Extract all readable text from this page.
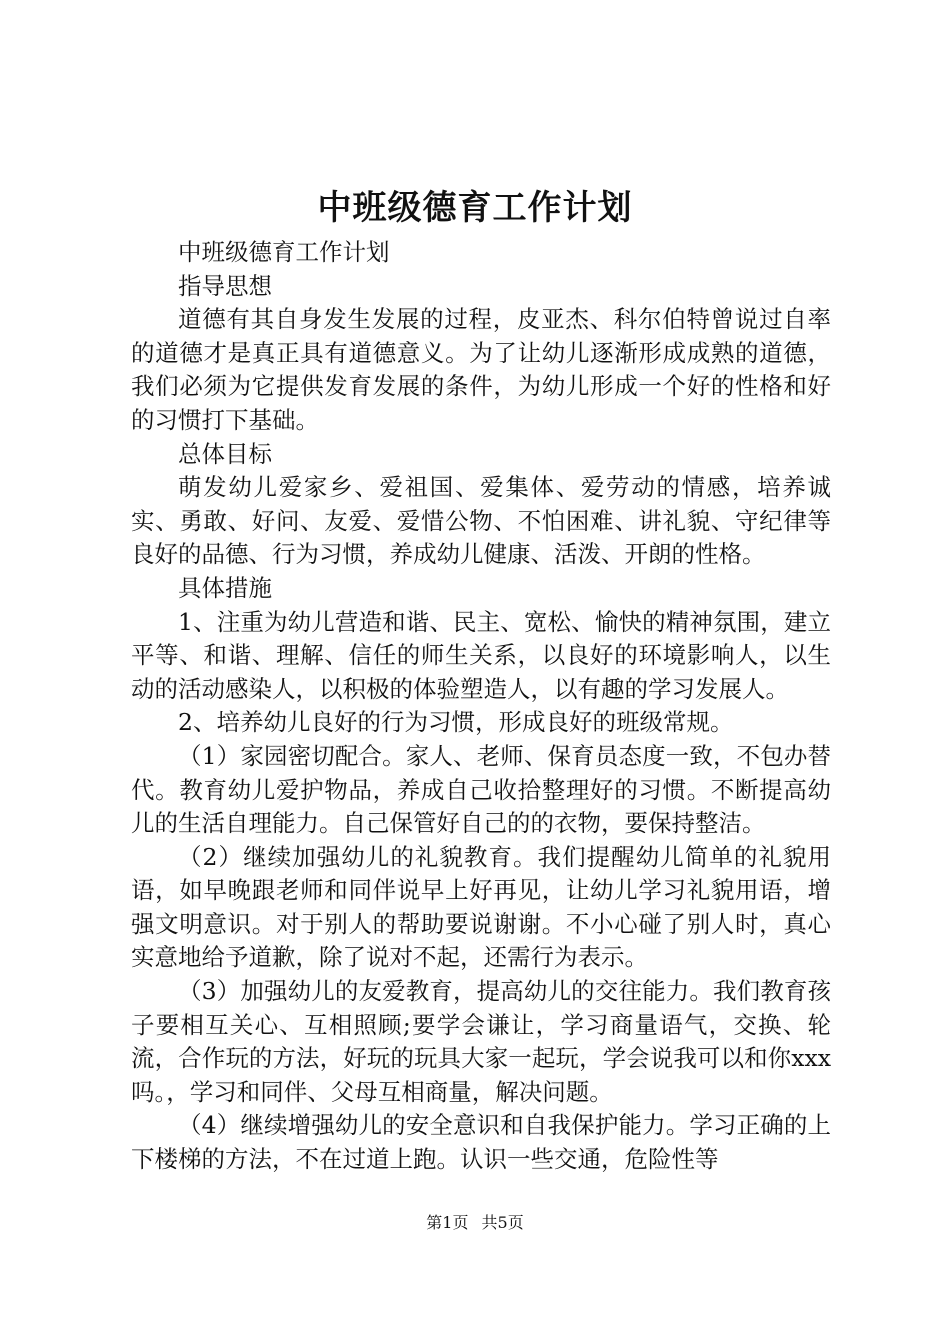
中班级德育工作计划

中班级德育工作计划

指导思想

道德有其自身发生发展的过程，皮亚杰、科尔伯特曾说过自率的道德才是真正具有道德意义。为了让幼儿逐渐形成成熟的道德，我们必须为它提供发育发展的条件，为幼儿形成一个好的性格和好的习惯打下基础。

总体目标

萌发幼儿爱家乡、爱祖国、爱集体、爱劳动的情感，培养诚实、勇敢、好问、友爱、爱惜公物、不怕困难、讲礼貌、守纪律等良好的品德、行为习惯，养成幼儿健康、活泼、开朗的性格。

具体措施

1、注重为幼儿营造和谐、民主、宽松、愉快的精神氛围，建立平等、和谐、理解、信任的师生关系，以良好的环境影响人，以生动的活动感染人，以积极的体验塑造人，以有趣的学习发展人。

2、培养幼儿良好的行为习惯，形成良好的班级常规。

（1）家园密切配合。家人、老师、保育员态度一致，不包办替代。教育幼儿爱护物品，养成自己收拾整理好的习惯。不断提高幼儿的生活自理能力。自己保管好自己的的衣物，要保持整洁。

（2）继续加强幼儿的礼貌教育。我们提醒幼儿简单的礼貌用语，如早晚跟老师和同伴说早上好再见，让幼儿学习礼貌用语，增强文明意识。对于别人的帮助要说谢谢。不小心碰了别人时，真心实意地给予道歉，除了说对不起，还需行为表示。

（3）加强幼儿的友爱教育，提高幼儿的交往能力。我们教育孩子要相互关心、互相照顾;要学会谦让，学习商量语气，交换、轮流，合作玩的方法，好玩的玩具大家一起玩，学会说我可以和你xxx吗。，学习和同伴、父母互相商量，解决问题。

（4）继续增强幼儿的安全意识和自我保护能力。学习正确的上下楼梯的方法，不在过道上跑。认识一些交通，危险性等

第1页 共5页
